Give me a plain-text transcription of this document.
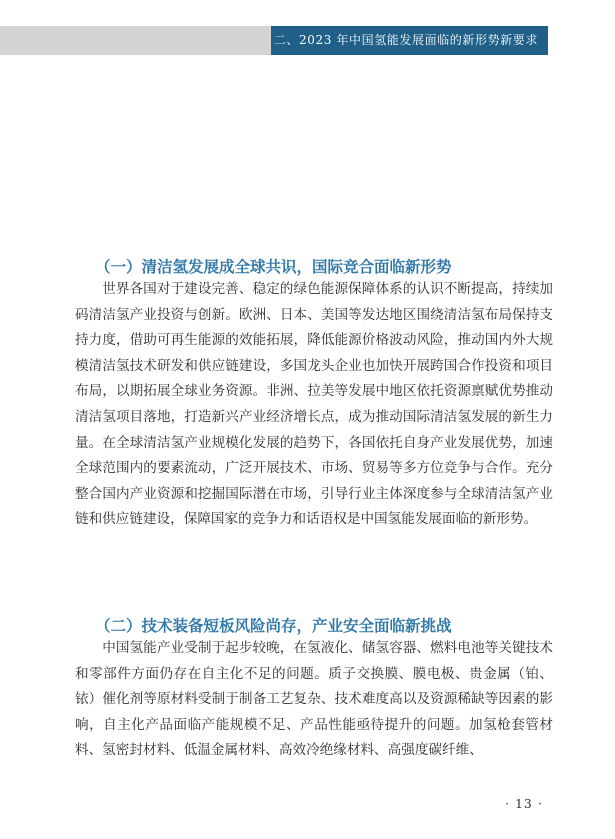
二、2023 年中国氢能发展面临的新形势新要求
（一）清洁氢发展成全球共识，国际竞合面临新形势

世界各国对于建设完善、稳定的绿色能源保障体系的认识不断提高，持续加码清洁氢产业投资与创新。欧洲、日本、美国等发达地区围绕清洁氢布局保持支持力度，借助可再生能源的效能拓展，降低能源价格波动风险，推动国内外大规模清洁氢技术研发和供应链建设，多国龙头企业也加快开展跨国合作投资和项目布局，以期拓展全球业务资源。非洲、拉美等发展中地区依托资源禀赋优势推动清洁氢项目落地，打造新兴产业经济增长点，成为推动国际清洁氢发展的新生力量。在全球清洁氢产业规模化发展的趋势下，各国依托自身产业发展优势，加速全球范围内的要素流动，广泛开展技术、市场、贸易等多方位竞争与合作。充分整合国内产业资源和挖掘国际潜在市场，引导行业主体深度参与全球清洁氢产业链和供应链建设，保障国家的竞争力和话语权是中国氢能发展面临的新形势。

（二）技术装备短板风险尚存，产业安全面临新挑战

中国氢能产业受制于起步较晚，在氢液化、储氢容器、燃料电池等关键技术和零部件方面仍存在自主化不足的问题。质子交换膜、膜电极、贵金属（铂、铱）催化剂等原材料受制于制备工艺复杂、技术难度高以及资源稀缺等因素的影响，自主化产品面临产能规模不足、产品性能亟待提升的问题。加氢枪套管材料、氢密封材料、低温金属材料、高效冷绝缘材料、高强度碳纤维、

· 13 ·
